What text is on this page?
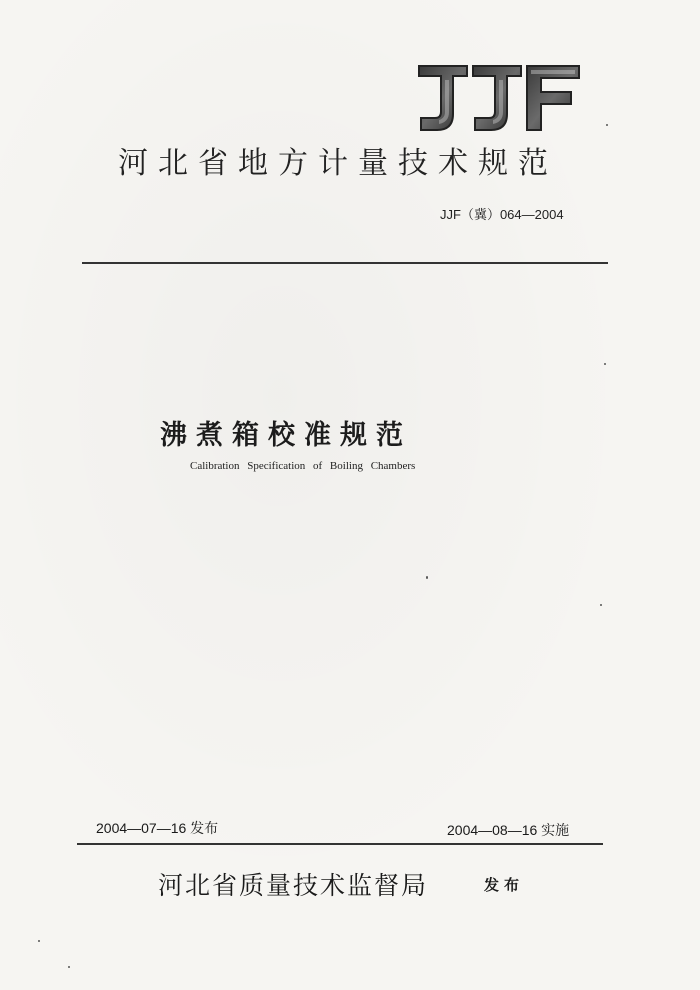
河北省地方计量技术规范
JJF（冀）064—2004
沸煮箱校准规范
Calibration Specification of Boiling Chambers
2004—07—16 发布	2004—08—16 实施
河北省质量技术监督局	发布
